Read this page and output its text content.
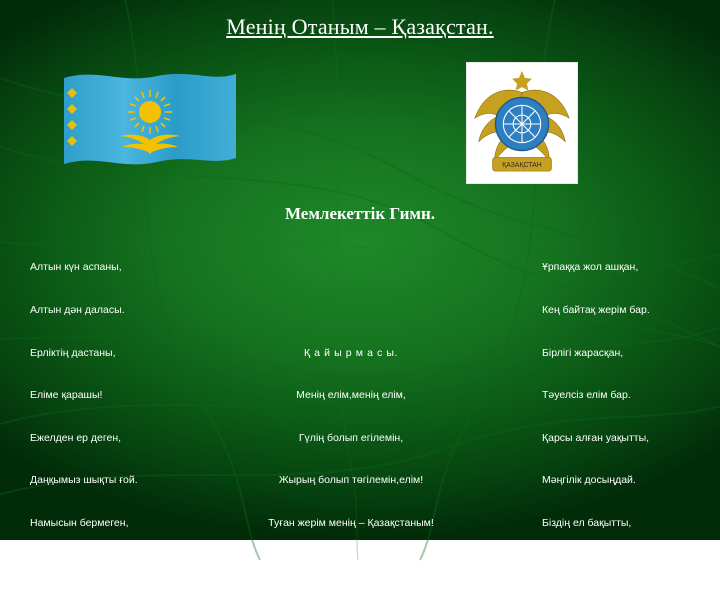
Менің Отаным – Қазақстан.
ҚАЗАҚСТАН
Мемлекеттік Гимн.

Алтын күн аспаны,

Алтын дән даласы.

Ерліктің дастаны,

Еліме қарашы!

Ежелден ер деген,

Даңқымыз шықты ғой.

Намысын бермеген,

Қазағым мықты ғой!

Қ а й ы р м а с ы.

Менің елім,менің елім,

Гүлің болып егілемін,

Жырың болып төгілемін,елім!

Туған жерім менің – Қазақстаным!

.

Ұрпаққа жол ашқан,

Кең байтақ жерім бар.

Бірлігі жарасқан,

Тәуелсіз елім бар.

Қарсы алған уақытты,

Мәңгілік досыңдай.

Біздің ел бақытты,

Біздің ел осындай.
